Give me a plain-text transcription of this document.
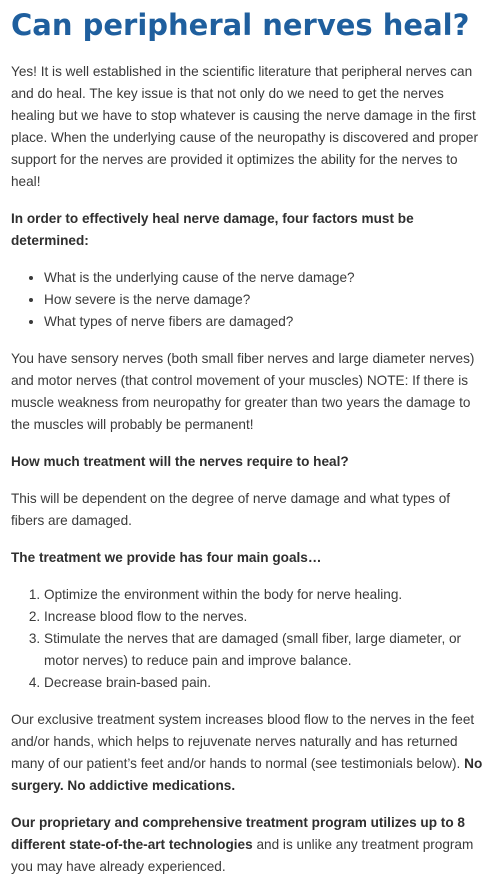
Can peripheral nerves heal?

Yes! It is well established in the scientific literature that peripheral nerves can and do heal. The key issue is that not only do we need to get the nerves healing but we have to stop whatever is causing the nerve damage in the first place. When the underlying cause of the neuropathy is discovered and proper support for the nerves are provided it optimizes the ability for the nerves to heal!

In order to effectively heal nerve damage, four factors must be determined:

• What is the underlying cause of the nerve damage?
• How severe is the nerve damage?
• What types of nerve fibers are damaged?

You have sensory nerves (both small fiber nerves and large diameter nerves) and motor nerves (that control movement of your muscles) NOTE: If there is muscle weakness from neuropathy for greater than two years the damage to the muscles will probably be permanent!

How much treatment will the nerves require to heal?

This will be dependent on the degree of nerve damage and what types of fibers are damaged.

The treatment we provide has four main goals…

1. Optimize the environment within the body for nerve healing.
2. Increase blood flow to the nerves.
3. Stimulate the nerves that are damaged (small fiber, large diameter, or motor nerves) to reduce pain and improve balance.
4. Decrease brain-based pain.

Our exclusive treatment system increases blood flow to the nerves in the feet and/or hands, which helps to rejuvenate nerves naturally and has returned many of our patient’s feet and/or hands to normal (see testimonials below). No surgery. No addictive medications.

Our proprietary and comprehensive treatment program utilizes up to 8 different state-of-the-art technologies and is unlike any treatment program you may have already experienced.
